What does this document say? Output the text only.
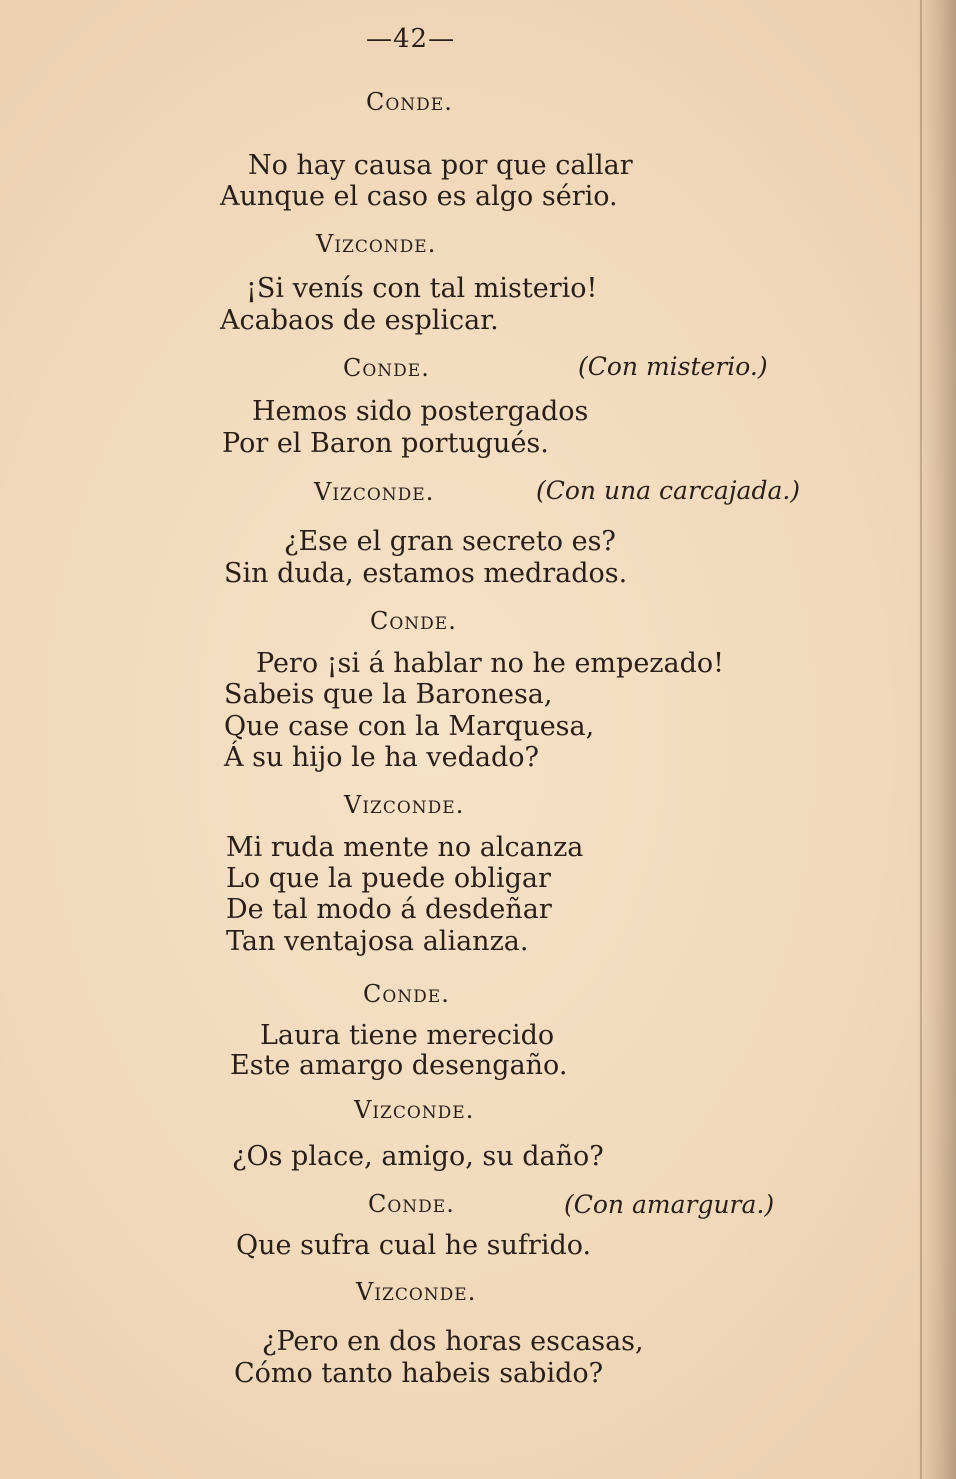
—42—
Conde.
No hay causa por que callar
Aunque el caso es algo sério.
Vizconde.
¡Si venís con tal misterio!
Acabaos de esplicar.
Conde.	(Con misterio.)
Hemos sido postergados
Por el Baron portugués.
Vizconde.	(Con una carcajada.)
¿Ese el gran secreto es?
Sin duda, estamos medrados.
Conde.
Pero ¡si á hablar no he empezado!
Sabeis que la Baronesa,
Que case con la Marquesa,
Á su hijo le ha vedado?
Vizconde.
Mi ruda mente no alcanza
Lo que la puede obligar
De tal modo á desdeñar
Tan ventajosa alianza.
Conde.
Laura tiene merecido
Este amargo desengaño.
Vizconde.
¿Os place, amigo, su daño?
Conde.	(Con amargura.)
Que sufra cual he sufrido.
Vizconde.
¿Pero en dos horas escasas,
Cómo tanto habeis sabido?
